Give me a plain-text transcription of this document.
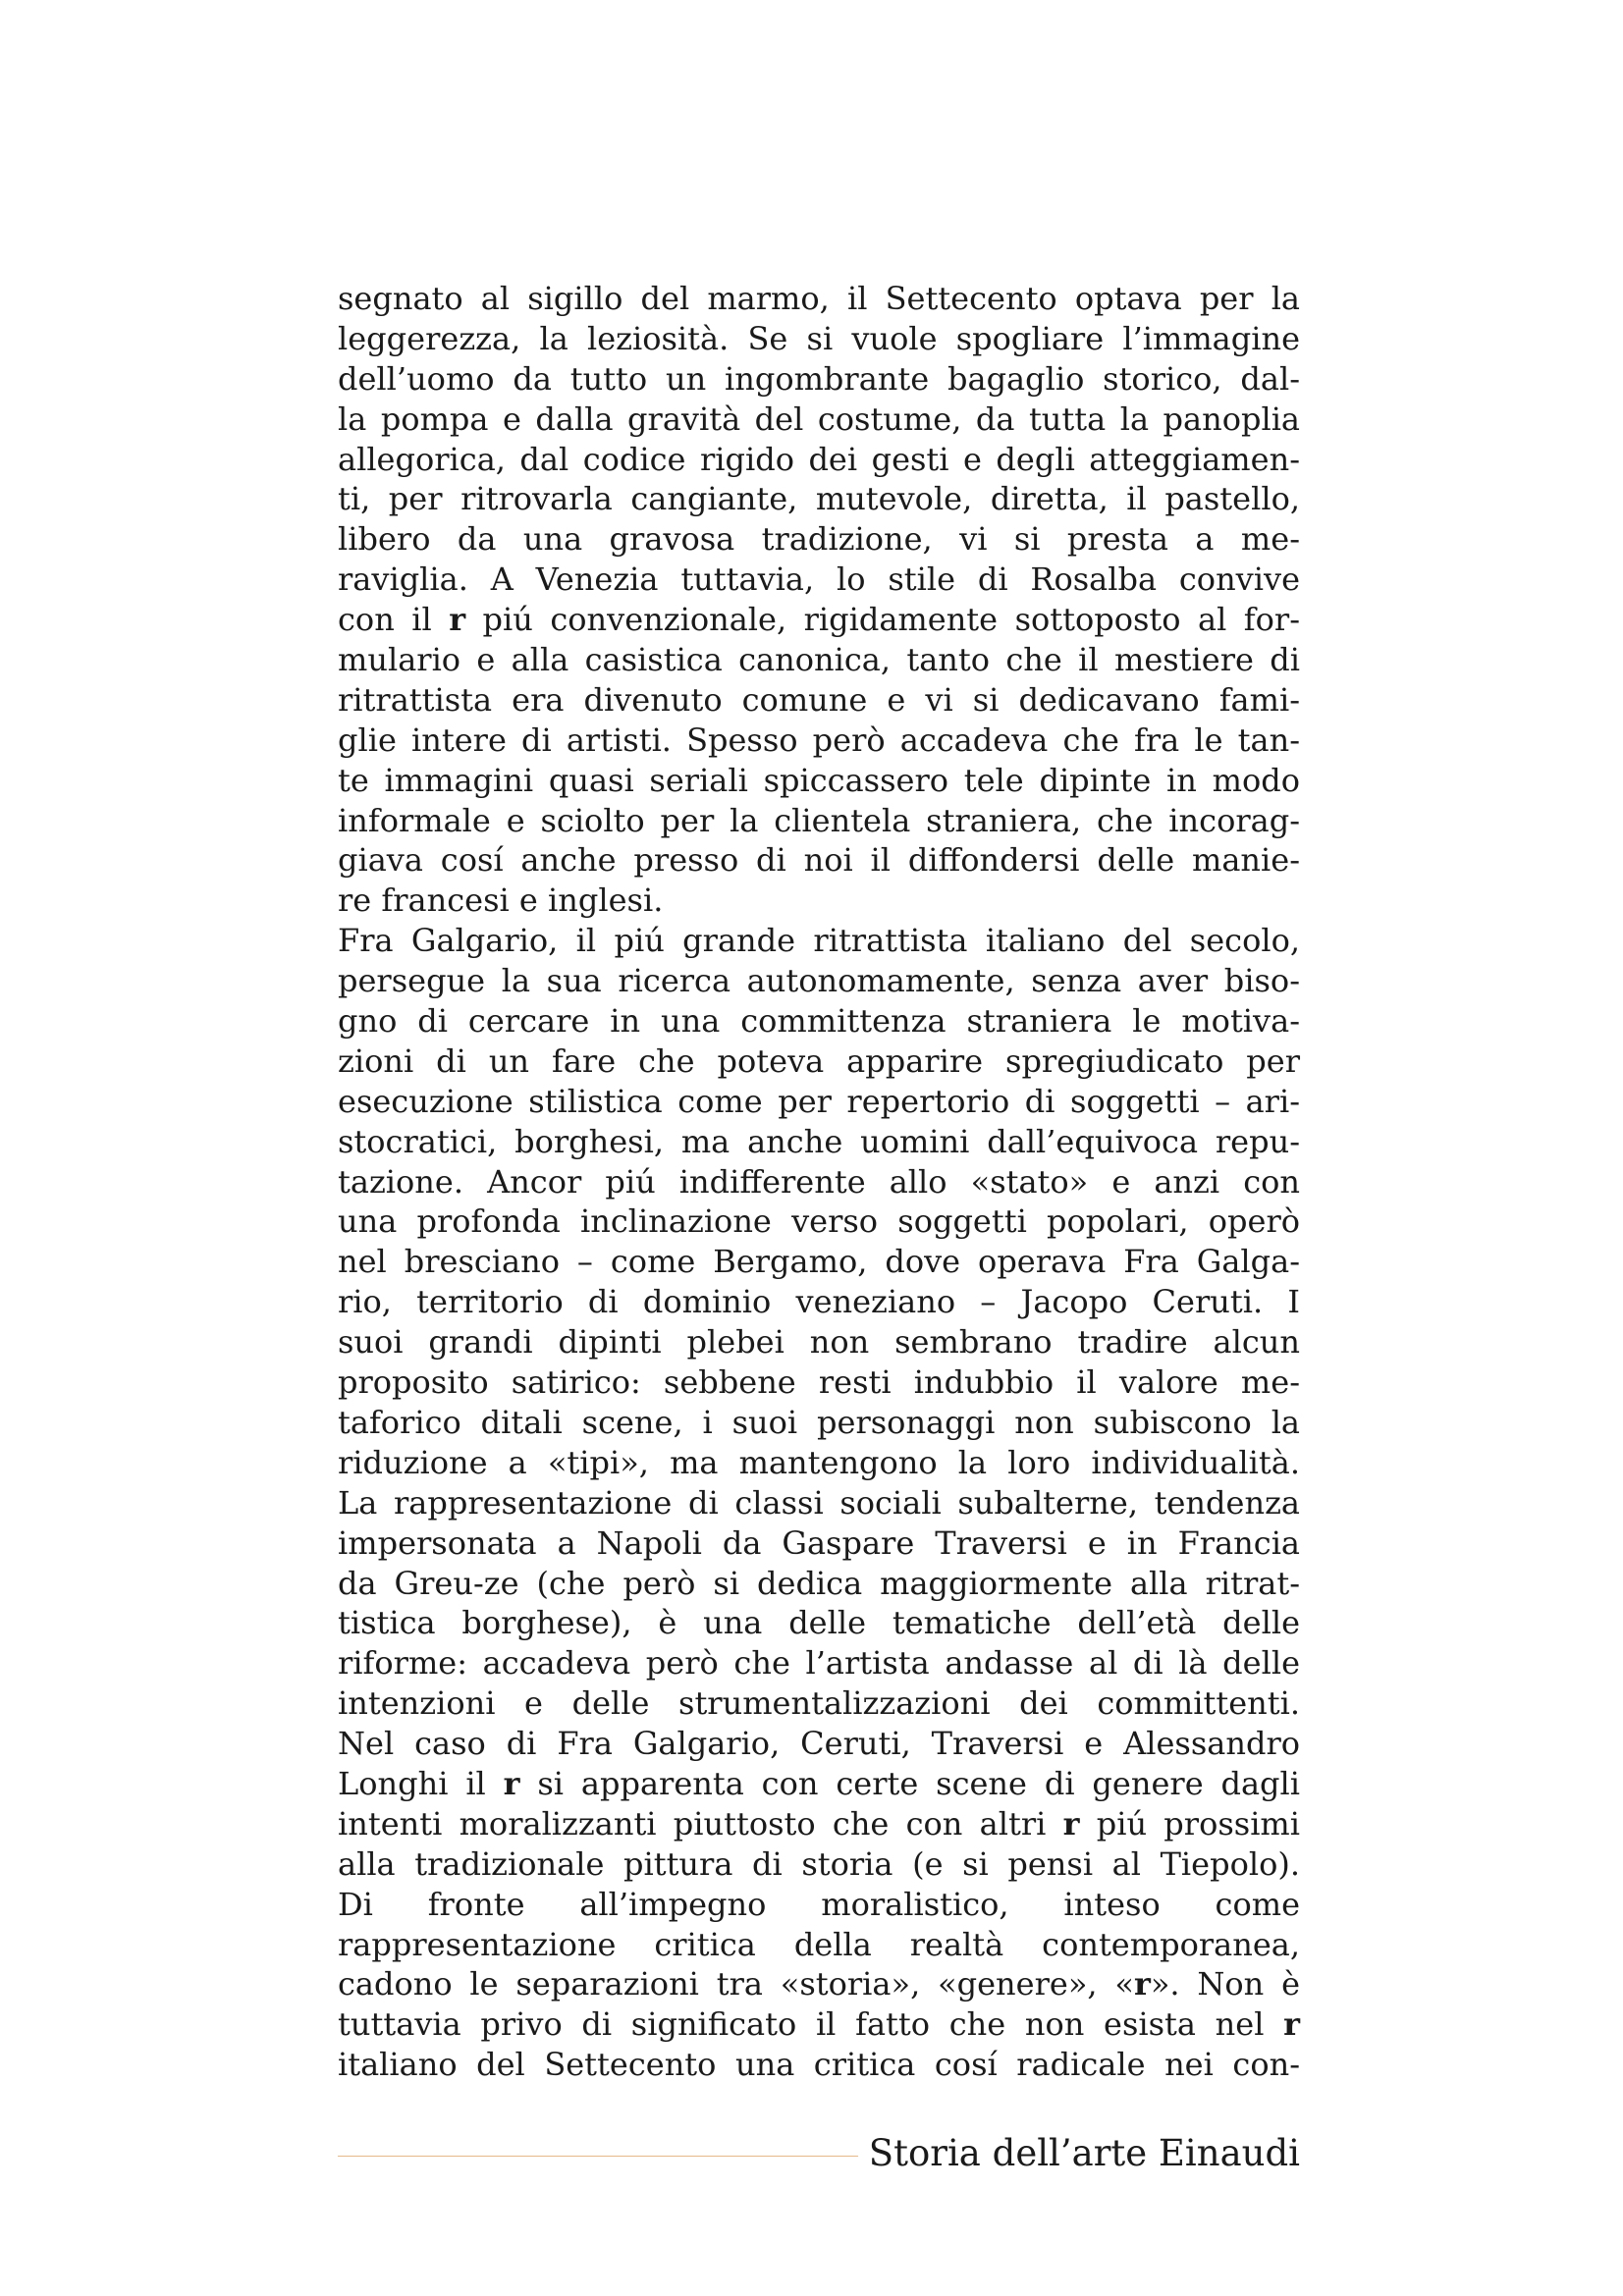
segnato al sigillo del marmo, il Settecento optava per la
leggerezza, la leziosità. Se si vuole spogliare l’immagine
dell’uomo da tutto un ingombrante bagaglio storico, dal-
la pompa e dalla gravità del costume, da tutta la panoplia
allegorica, dal codice rigido dei gesti e degli atteggiamen-
ti, per ritrovarla cangiante, mutevole, diretta, il pastello,
libero da una gravosa tradizione, vi si presta a me-
raviglia. A Venezia tuttavia, lo stile di Rosalba convive
con il r piú convenzionale, rigidamente sottoposto al for-
mulario e alla casistica canonica, tanto che il mestiere di
ritrattista era divenuto comune e vi si dedicavano fami-
glie intere di artisti. Spesso però accadeva che fra le tan-
te immagini quasi seriali spiccassero tele dipinte in modo
informale e sciolto per la clientela straniera, che incorag-
giava cosí anche presso di noi il diffondersi delle manie-
re francesi e inglesi.
Fra Galgario, il piú grande ritrattista italiano del secolo,
persegue la sua ricerca autonomamente, senza aver biso-
gno di cercare in una committenza straniera le motiva-
zioni di un fare che poteva apparire spregiudicato per
esecuzione stilistica come per repertorio di soggetti – ari-
stocratici, borghesi, ma anche uomini dall’equivoca repu-
tazione. Ancor piú indifferente allo «stato» e anzi con
una profonda inclinazione verso soggetti popolari, operò
nel bresciano – come Bergamo, dove operava Fra Galga-
rio, territorio di dominio veneziano – Jacopo Ceruti. I
suoi grandi dipinti plebei non sembrano tradire alcun
proposito satirico: sebbene resti indubbio il valore me-
taforico ditali scene, i suoi personaggi non subiscono la
riduzione a «tipi», ma mantengono la loro individualità.
La rappresentazione di classi sociali subalterne, tendenza
impersonata a Napoli da Gaspare Traversi e in Francia
da Greu-ze (che però si dedica maggiormente alla ritrat-
tistica borghese), è una delle tematiche dell’età delle
riforme: accadeva però che l’artista andasse al di là delle
intenzioni e delle strumentalizzazioni dei committenti.
Nel caso di Fra Galgario, Ceruti, Traversi e Alessandro
Longhi il r si apparenta con certe scene di genere dagli
intenti moralizzanti piuttosto che con altri r piú prossimi
alla tradizionale pittura di storia (e si pensi al Tiepolo).
Di fronte all’impegno moralistico, inteso come
rappresentazione critica della realtà contemporanea,
cadono le separazioni tra «storia», «genere», «r». Non è
tuttavia privo di significato il fatto che non esista nel r
italiano del Settecento una critica cosí radicale nei con-
Storia dell’arte Einaudi
